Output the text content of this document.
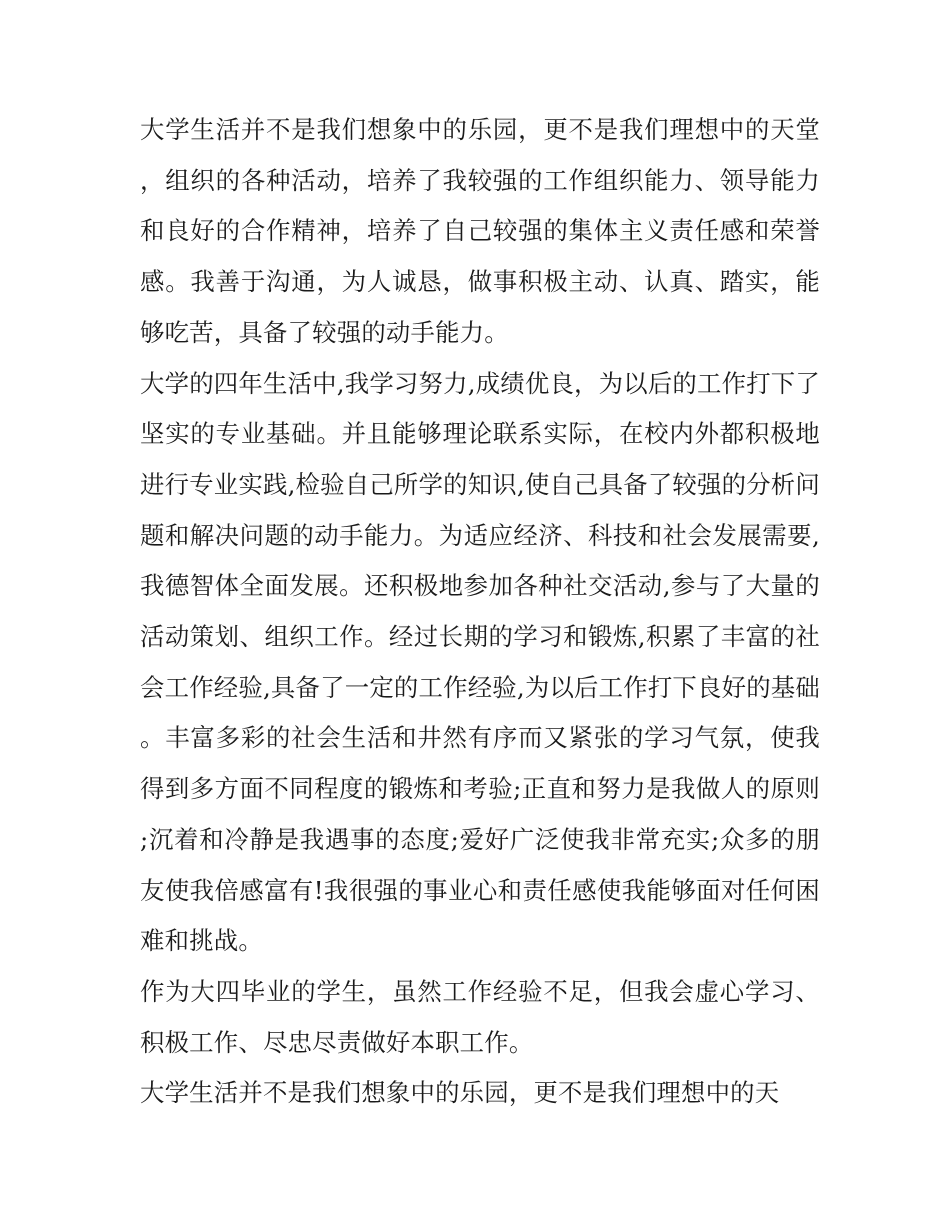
大学生活并不是我们想象中的乐园，更不是我们理想中的天堂，组织的各种活动，培养了我较强的工作组织能力、领导能力和良好的合作精神，培养了自己较强的集体主义责任感和荣誉感。我善于沟通，为人诚恳，做事积极主动、认真、踏实，能够吃苦，具备了较强的动手能力。

大学的四年生活中,我学习努力,成绩优良，为以后的工作打下了坚实的专业基础。并且能够理论联系实际，在校内外都积极地进行专业实践,检验自己所学的知识,使自己具备了较强的分析问题和解决问题的动手能力。为适应经济、科技和社会发展需要,我德智体全面发展。还积极地参加各种社交活动,参与了大量的活动策划、组织工作。经过长期的学习和锻炼,积累了丰富的社会工作经验,具备了一定的工作经验,为以后工作打下良好的基础。丰富多彩的社会生活和井然有序而又紧张的学习气氛，使我得到多方面不同程度的锻炼和考验;正直和努力是我做人的原则;沉着和冷静是我遇事的态度;爱好广泛使我非常充实;众多的朋友使我倍感富有!我很强的事业心和责任感使我能够面对任何困难和挑战。

作为大四毕业的学生，虽然工作经验不足，但我会虚心学习、积极工作、尽忠尽责做好本职工作。

大学生活并不是我们想象中的乐园，更不是我们理想中的天
